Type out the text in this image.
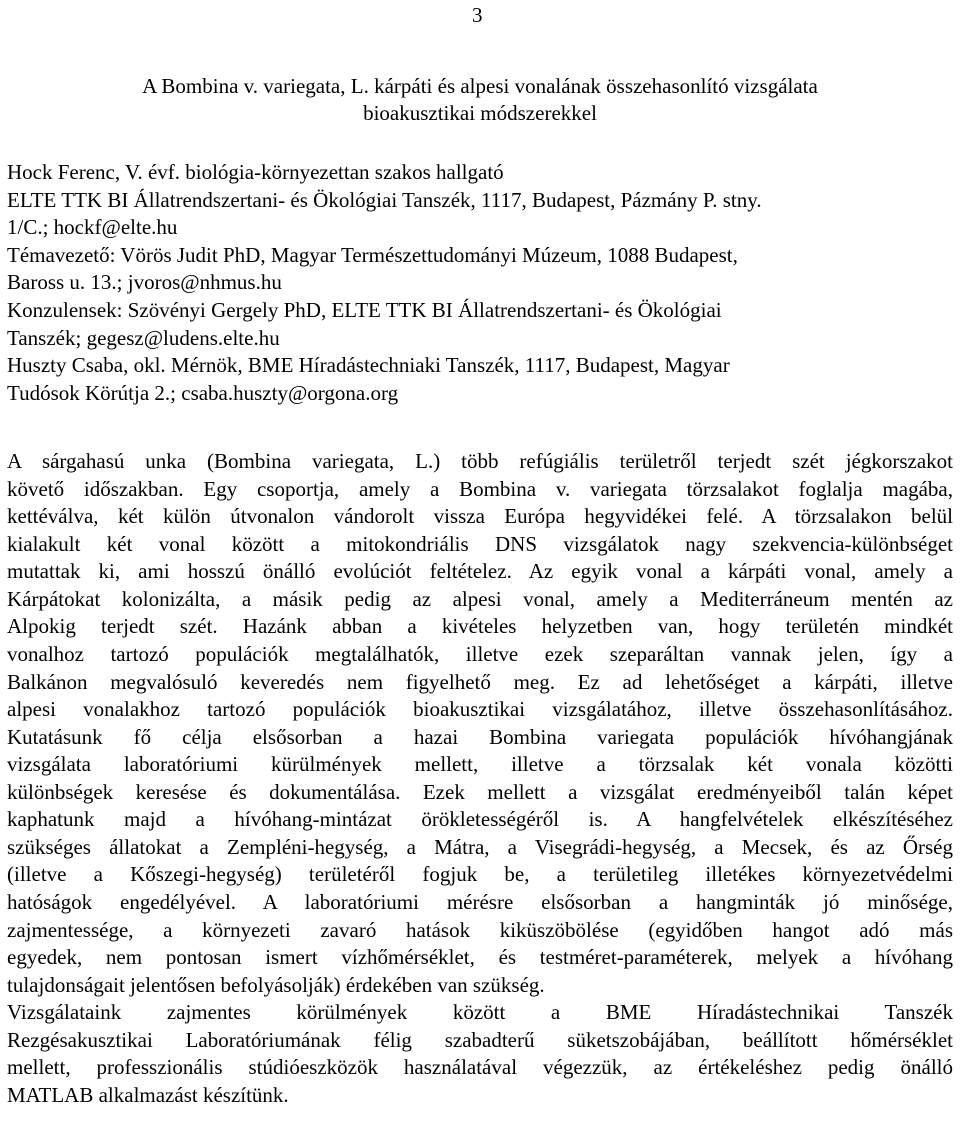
3
A Bombina v. variegata, L. kárpáti és alpesi vonalának összehasonlító vizsgálata
bioakusztikai módszerekkel
Hock Ferenc, V. évf. biológia-környezettan szakos hallgató
ELTE TTK BI Állatrendszertani- és Ökológiai Tanszék, 1117, Budapest, Pázmány P. stny.
1/C.; hockf@elte.hu
Témavezető: Vörös Judit PhD, Magyar Természettudományi Múzeum, 1088 Budapest,
Baross u. 13.; jvoros@nhmus.hu
Konzulensek: Szövényi Gergely PhD, ELTE TTK BI Állatrendszertani- és Ökológiai
Tanszék; gegesz@ludens.elte.hu
Huszty Csaba, okl. Mérnök, BME Híradástechniaki Tanszék, 1117, Budapest, Magyar
Tudósok Körútja 2.; csaba.huszty@orgona.org
A sárgahasú unka (Bombina variegata, L.) több refúgiális területről terjedt szét jégkorszakot
követő időszakban. Egy csoportja, amely a Bombina v. variegata törzsalakot foglalja magába,
kettéválva, két külön útvonalon vándorolt vissza Európa hegyvidékei felé. A törzsalakon belül
kialakult két vonal között a mitokondriális DNS vizsgálatok nagy szekvencia-különbséget
mutattak ki, ami hosszú önálló evolúciót feltételez. Az egyik vonal a kárpáti vonal, amely a
Kárpátokat kolonizálta, a másik pedig az alpesi vonal, amely a Mediterráneum mentén az
Alpokig terjedt szét. Hazánk abban a kivételes helyzetben van, hogy területén mindkét
vonalhoz tartozó populációk megtalálhatók, illetve ezek szeparáltan vannak jelen, így a
Balkánon megvalósuló keveredés nem figyelhető meg. Ez ad lehetőséget a kárpáti, illetve
alpesi vonalakhoz tartozó populációk bioakusztikai vizsgálatához, illetve összehasonlításához.
Kutatásunk fő célja elsősorban a hazai Bombina variegata populációk hívóhangjának
vizsgálata laboratóriumi kürülmények mellett, illetve a törzsalak két vonala közötti
különbségek keresése és dokumentálása. Ezek mellett a vizsgálat eredményeiből talán képet
kaphatunk majd a hívóhang-mintázat örökletességéről is. A hangfelvételek elkészítéséhez
szükséges állatokat a Zempléni-hegység, a Mátra, a Visegrádi-hegység, a Mecsek, és az Őrség
(illetve a Kőszegi-hegység) területéről fogjuk be, a területileg illetékes környezetvédelmi
hatóságok engedélyével. A laboratóriumi mérésre elsősorban a hangminták jó minősége,
zajmentessége, a környezeti zavaró hatások kiküszöbölése (egyidőben hangot adó más
egyedek, nem pontosan ismert vízhőmérséklet, és testméret-paraméterek, melyek a hívóhang
tulajdonságait jelentősen befolyásolják) érdekében van szükség.
Vizsgálataink zajmentes körülmények között a BME Híradástechnikai Tanszék
Rezgésakusztikai Laboratóriumának félig szabadterű süketszobájában, beállított hőmérséklet
mellett, professzionális stúdióeszközök használatával végezzük, az értékeléshez pedig önálló
MATLAB alkalmazást készítünk.
